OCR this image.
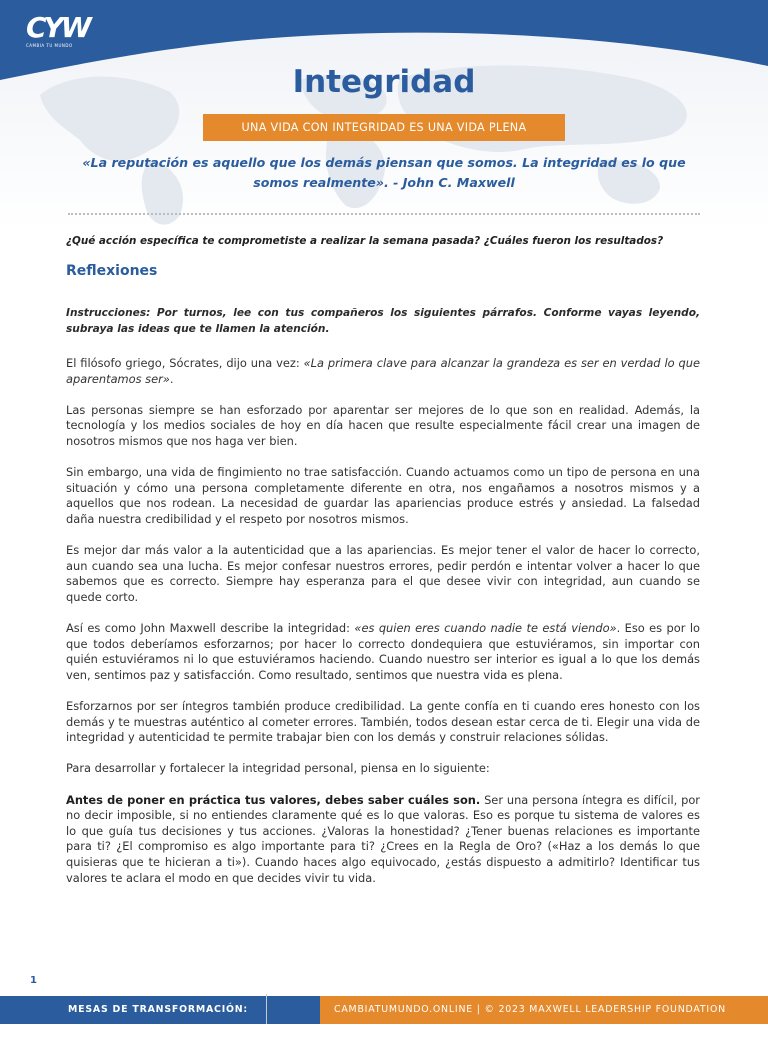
CYW
CAMBIA TU MUNDO
Integridad
UNA VIDA CON INTEGRIDAD ES UNA VIDA PLENA
«La reputación es aquello que los demás piensan que somos. La integridad es lo que somos realmente». - John C. Maxwell
¿Qué acción específica te comprometiste a realizar la semana pasada? ¿Cuáles fueron los resultados?
Reflexiones
Instrucciones: Por turnos, lee con tus compañeros los siguientes párrafos. Conforme vayas leyendo, subraya las ideas que te llamen la atención.

El filósofo griego, Sócrates, dijo una vez: «La primera clave para alcanzar la grandeza es ser en verdad lo que aparentamos ser».

Las personas siempre se han esforzado por aparentar ser mejores de lo que son en realidad. Además, la tecnología y los medios sociales de hoy en día hacen que resulte especialmente fácil crear una imagen de nosotros mismos que nos haga ver bien.

Sin embargo, una vida de fingimiento no trae satisfacción. Cuando actuamos como un tipo de persona en una situación y cómo una persona completamente diferente en otra, nos engañamos a nosotros mismos y a aquellos que nos rodean. La necesidad de guardar las apariencias produce estrés y ansiedad. La falsedad daña nuestra credibilidad y el respeto por nosotros mismos.

Es mejor dar más valor a la autenticidad que a las apariencias. Es mejor tener el valor de hacer lo correcto, aun cuando sea una lucha. Es mejor confesar nuestros errores, pedir perdón e intentar volver a hacer lo que sabemos que es correcto. Siempre hay esperanza para el que desee vivir con integridad, aun cuando se quede corto.

Así es como John Maxwell describe la integridad: «es quien eres cuando nadie te está viendo». Eso es por lo que todos deberíamos esforzarnos; por hacer lo correcto dondequiera que estuviéramos, sin importar con quién estuviéramos ni lo que estuviéramos haciendo. Cuando nuestro ser interior es igual a lo que los demás ven, sentimos paz y satisfacción. Como resultado, sentimos que nuestra vida es plena.

Esforzarnos por ser íntegros también produce credibilidad. La gente confía en ti cuando eres honesto con los demás y te muestras auténtico al cometer errores. También, todos desean estar cerca de ti. Elegir una vida de integridad y autenticidad te permite trabajar bien con los demás y construir relaciones sólidas.

Para desarrollar y fortalecer la integridad personal, piensa en lo siguiente:

Antes de poner en práctica tus valores, debes saber cuáles son. Ser una persona íntegra es difícil, por no decir imposible, si no entiendes claramente qué es lo que valoras. Eso es porque tu sistema de valores es lo que guía tus decisiones y tus acciones. ¿Valoras la honestidad? ¿Tener buenas relaciones es importante para ti? ¿El compromiso es algo importante para ti? ¿Crees en la Regla de Oro? («Haz a los demás lo que quisieras que te hicieran a ti»). Cuando haces algo equivocado, ¿estás dispuesto a admitirlo? Identificar tus valores te aclara el modo en que decides vivir tu vida.

1
MESAS DE TRANSFORMACIÓN: INTEGRIDAD
CAMBIATUMUNDO.ONLINE | © 2023 MAXWELL LEADERSHIP FOUNDATION
